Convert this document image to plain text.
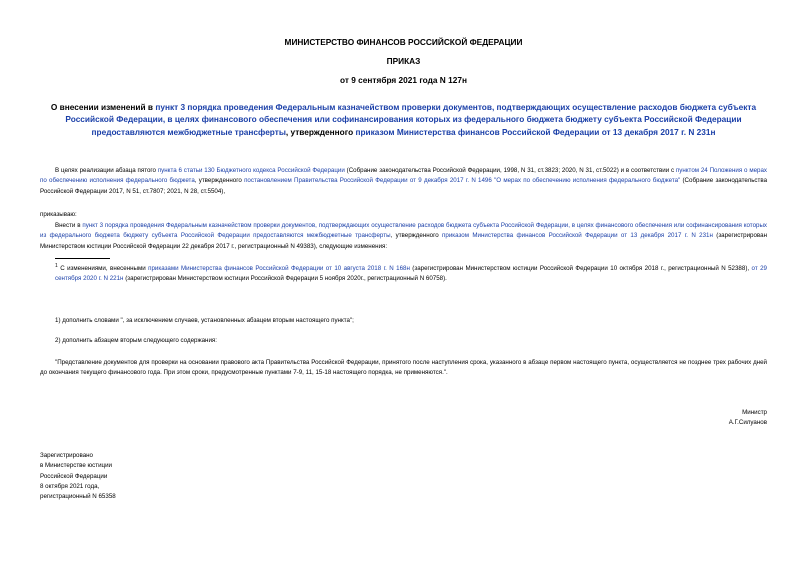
МИНИСТЕРСТВО ФИНАНСОВ РОССИЙСКОЙ ФЕДЕРАЦИИ
ПРИКАЗ
от 9 сентября 2021 года N 127н
О внесении изменений в пункт 3 порядка проведения Федеральным казначейством проверки документов, подтверждающих осуществление расходов бюджета субъекта Российской Федерации, в целях финансового обеспечения или софинансирования которых из федерального бюджета бюджету субъекта Российской Федерации предоставляются межбюджетные трансферты, утвержденного приказом Министерства финансов Российской Федерации от 13 декабря 2017 г. N 231н
В целях реализации абзаца пятого пункта 6 статьи 130 Бюджетного кодекса Российской Федерации (Собрание законодательства Российской Федерации, 1998, N 31, ст.3823; 2020, N 31, ст.5022) и в соответствии с пунктом 24 Положения о мерах по обеспечению исполнения федерального бюджета, утвержденного постановлением Правительства Российской Федерации от 9 декабря 2017 г. N 1496 "О мерах по обеспечению исполнения федерального бюджета" (Собрание законодательства Российской Федерации 2017, N 51, ст.7807; 2021, N 28, ст.5504),
приказываю:
Внести в пункт 3 порядка проведения Федеральным казначейством проверки документов, подтверждающих осуществление расходов бюджета субъекта Российской Федерации, в целях финансового обеспечения или софинансирования которых из федерального бюджета бюджету субъекта Российской Федерации предоставляются межбюджетные трансферты, утвержденного приказом Министерства финансов Российской Федерации от 13 декабря 2017 г. N 231н (зарегистрирован Министерством юстиции Российской Федерации 22 декабря 2017 г., регистрационный N 49383), следующие изменения:
$^1$ С изменениями, внесенными приказами Министерства финансов Российской Федерации от 10 августа 2018 г. N 168н (зарегистрирован Министерством юстиции Российской Федерации 10 октября 2018 г., регистрационный N 52388), от 29 сентября 2020 г. N 221н (зарегистрирован Министерством юстиции Российской Федерации 5 ноября 2020г., регистрационный N 60758).
1) дополнить словами ", за исключением случаев, установленных абзацем вторым настоящего пункта";
2) дополнить абзацем вторым следующего содержания:
"Представление документов для проверки на основании правового акта Правительства Российской Федерации, принятого после наступления срока, указанного в абзаце первом настоящего пункта, осуществляется не позднее трех рабочих дней до окончания текущего финансового года. При этом сроки, предусмотренные пунктами 7-9, 11, 15-18 настоящего порядка, не применяются.".
Министр
А.Г.Силуанов
Зарегистрировано
в Министерстве юстиции
Российской Федерации
8 октября 2021 года,
регистрационный N 65358
